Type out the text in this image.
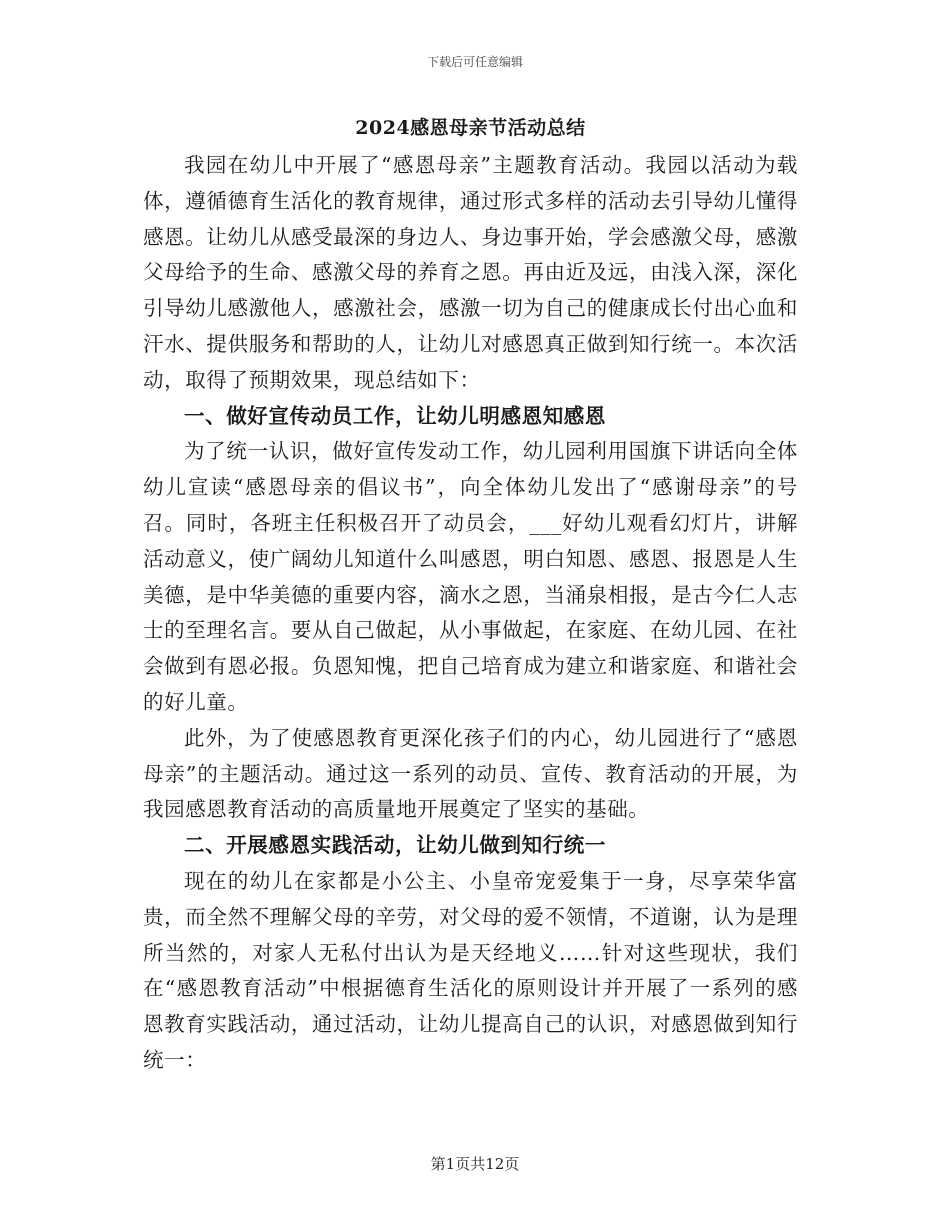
下载后可任意编辑
2024感恩母亲节活动总结

我园在幼儿中开展了“感恩母亲”主题教育活动。我园以活动为载体，遵循德育生活化的教育规律，通过形式多样的活动去引导幼儿懂得感恩。让幼儿从感受最深的身边人、身边事开始，学会感激父母，感激父母给予的生命、感激父母的养育之恩。再由近及远，由浅入深，深化引导幼儿感激他人，感激社会，感激一切为自己的健康成长付出心血和汗水、提供服务和帮助的人，让幼儿对感恩真正做到知行统一。本次活动，取得了预期效果，现总结如下：

一、做好宣传动员工作，让幼儿明感恩知感恩

为了统一认识，做好宣传发动工作，幼儿园利用国旗下讲话向全体幼儿宣读“感恩母亲的倡议书”，向全体幼儿发出了“感谢母亲”的号召。同时，各班主任积极召开了动员会，___好幼儿观看幻灯片，讲解活动意义，使广阔幼儿知道什么叫感恩，明白知恩、感恩、报恩是人生美德，是中华美德的重要内容，滴水之恩，当涌泉相报，是古今仁人志士的至理名言。要从自己做起，从小事做起，在家庭、在幼儿园、在社会做到有恩必报。负恩知愧，把自己培育成为建立和谐家庭、和谐社会的好儿童。

此外，为了使感恩教育更深化孩子们的内心，幼儿园进行了“感恩母亲”的主题活动。通过这一系列的动员、宣传、教育活动的开展，为我园感恩教育活动的高质量地开展奠定了坚实的基础。

二、开展感恩实践活动，让幼儿做到知行统一

现在的幼儿在家都是小公主、小皇帝宠爱集于一身，尽享荣华富贵，而全然不理解父母的辛劳，对父母的爱不领情，不道谢，认为是理所当然的，对家人无私付出认为是天经地义……针对这些现状，我们在“感恩教育活动”中根据德育生活化的原则设计并开展了一系列的感恩教育实践活动，通过活动，让幼儿提高自己的认识，对感恩做到知行统一：

第1页共12页
